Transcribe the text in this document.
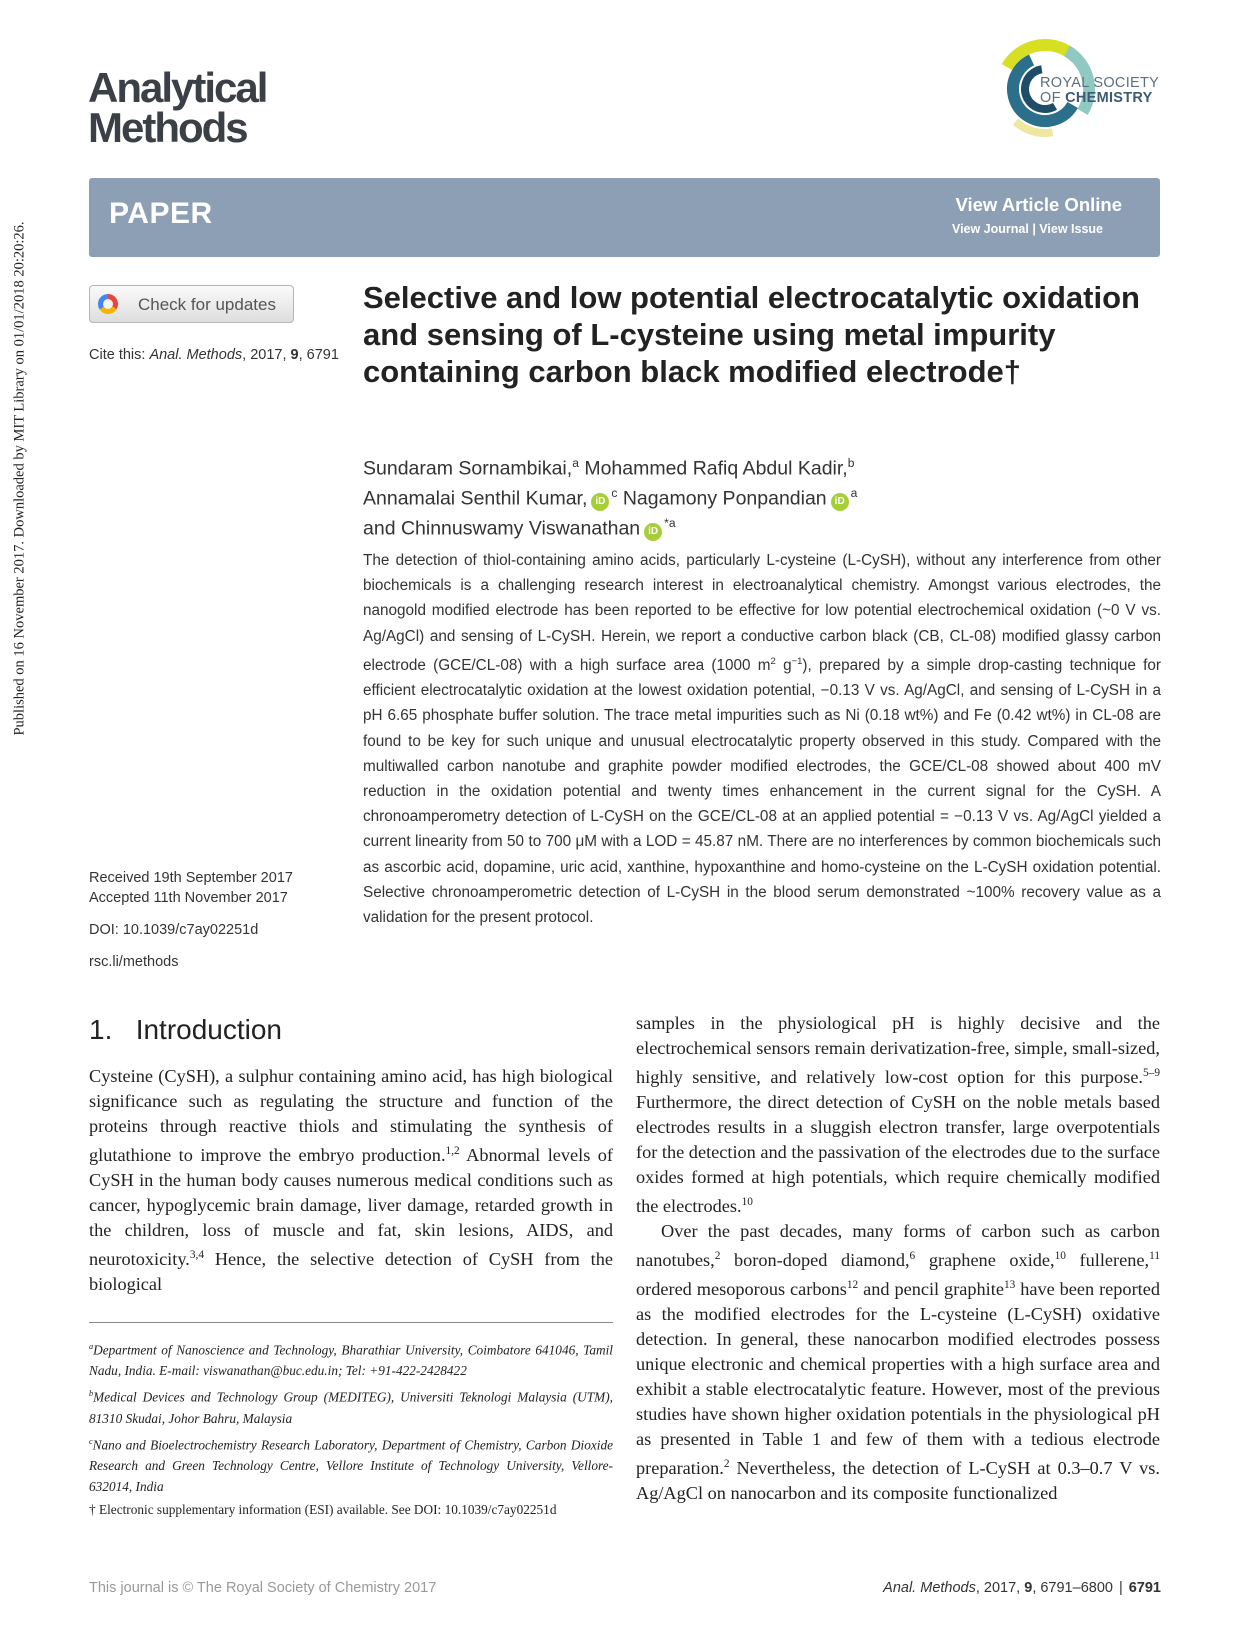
Published on 16 November 2017. Downloaded by MIT Library on 01/01/2018 20:20:26.
Analytical
Methods
ROYAL SOCIETY
OF CHEMISTRY
PAPER	View Article Online
View Journal | View Issue
Check for updates
Cite this: Anal. Methods, 2017, 9, 6791
Selective and low potential electrocatalytic oxidation and sensing of L-cysteine using metal impurity containing carbon black modified electrode†
Sundaram Sornambikai,$^a$ Mohammed Rafiq Abdul Kadir,$^b$
Annamalai Senthil Kumar, $iD^c$ Nagamony Ponpandian $iD^a$
and Chinnuswamy Viswanathan $iD^{*a}$
The detection of thiol-containing amino acids, particularly L-cysteine (L-CySH), without any interference from other biochemicals is a challenging research interest in electroanalytical chemistry. Amongst various electrodes, the nanogold modified electrode has been reported to be effective for low potential electrochemical oxidation (~0 V vs. Ag/AgCl) and sensing of L-CySH. Herein, we report a conductive carbon black (CB, CL-08) modified glassy carbon electrode (GCE/CL-08) with a high surface area (1000 $m^2$ $g^{-1}$), prepared by a simple drop-casting technique for efficient electrocatalytic oxidation at the lowest oxidation potential, −0.13 V vs. Ag/AgCl, and sensing of L-CySH in a pH 6.65 phosphate buffer solution. The trace metal impurities such as Ni (0.18 wt%) and Fe (0.42 wt%) in CL-08 are found to be key for such unique and unusual electrocatalytic property observed in this study. Compared with the multiwalled carbon nanotube and graphite powder modified electrodes, the GCE/CL-08 showed about 400 mV reduction in the oxidation potential and twenty times enhancement in the current signal for the CySH. A chronoamperometry detection of L-CySH on the GCE/CL-08 at an applied potential = −0.13 V vs. Ag/AgCl yielded a current linearity from 50 to 700 μM with a LOD = 45.87 nM. There are no interferences by common biochemicals such as ascorbic acid, dopamine, uric acid, xanthine, hypoxanthine and homo-cysteine on the L-CySH oxidation potential. Selective chronoamperometric detection of L-CySH in the blood serum demonstrated ~100% recovery value as a validation for the present protocol.
Received 19th September 2017
Accepted 11th November 2017
DOI: 10.1039/c7ay02251d
rsc.li/methods
1.   Introduction

Cysteine (CySH), a sulphur containing amino acid, has high biological significance such as regulating the structure and function of the proteins through reactive thiols and stimulating the synthesis of glutathione to improve the embryo production.$^{1,2}$ Abnormal levels of CySH in the human body causes numerous medical conditions such as cancer, hypoglycemic brain damage, liver damage, retarded growth in the children, loss of muscle and fat, skin lesions, AIDS, and neurotoxicity.$^{3,4}$ Hence, the selective detection of CySH from the biological

samples in the physiological pH is highly decisive and the electrochemical sensors remain derivatization-free, simple, small-sized, highly sensitive, and relatively low-cost option for this purpose.$^{5-9}$ Furthermore, the direct detection of CySH on the noble metals based electrodes results in a sluggish electron transfer, large overpotentials for the detection and the passivation of the electrodes due to the surface oxides formed at high potentials, which require chemically modified the electrodes.$^{10}$

Over the past decades, many forms of carbon such as carbon nanotubes,$^2$ boron-doped diamond,$^6$ graphene oxide,$^{10}$ fullerene,$^{11}$ ordered mesoporous carbons$^{12}$ and pencil graphite$^{13}$ have been reported as the modified electrodes for the L-cysteine (L-CySH) oxidative detection. In general, these nanocarbon modified electrodes possess unique electronic and chemical properties with a high surface area and exhibit a stable electrocatalytic feature. However, most of the previous studies have shown higher oxidation potentials in the physiological pH as presented in Table 1 and few of them with a tedious electrode preparation.$^2$ Nevertheless, the detection of L-CySH at 0.3–0.7 V vs. Ag/AgCl on nanocarbon and its composite functionalized

$^a$Department of Nanoscience and Technology, Bharathiar University, Coimbatore 641046, Tamil Nadu, India. E-mail: viswanathan@buc.edu.in; Tel: +91-422-2428422

$^b$Medical Devices and Technology Group (MEDITEG), Universiti Teknologi Malaysia (UTM), 81310 Skudai, Johor Bahru, Malaysia

$^c$Nano and Bioelectrochemistry Research Laboratory, Department of Chemistry, Carbon Dioxide Research and Green Technology Centre, Vellore Institute of Technology University, Vellore-632014, India

† Electronic supplementary information (ESI) available. See DOI: 10.1039/c7ay02251d

This journal is © The Royal Society of Chemistry 2017	Anal. Methods, 2017, 9, 6791–6800 | 6791
